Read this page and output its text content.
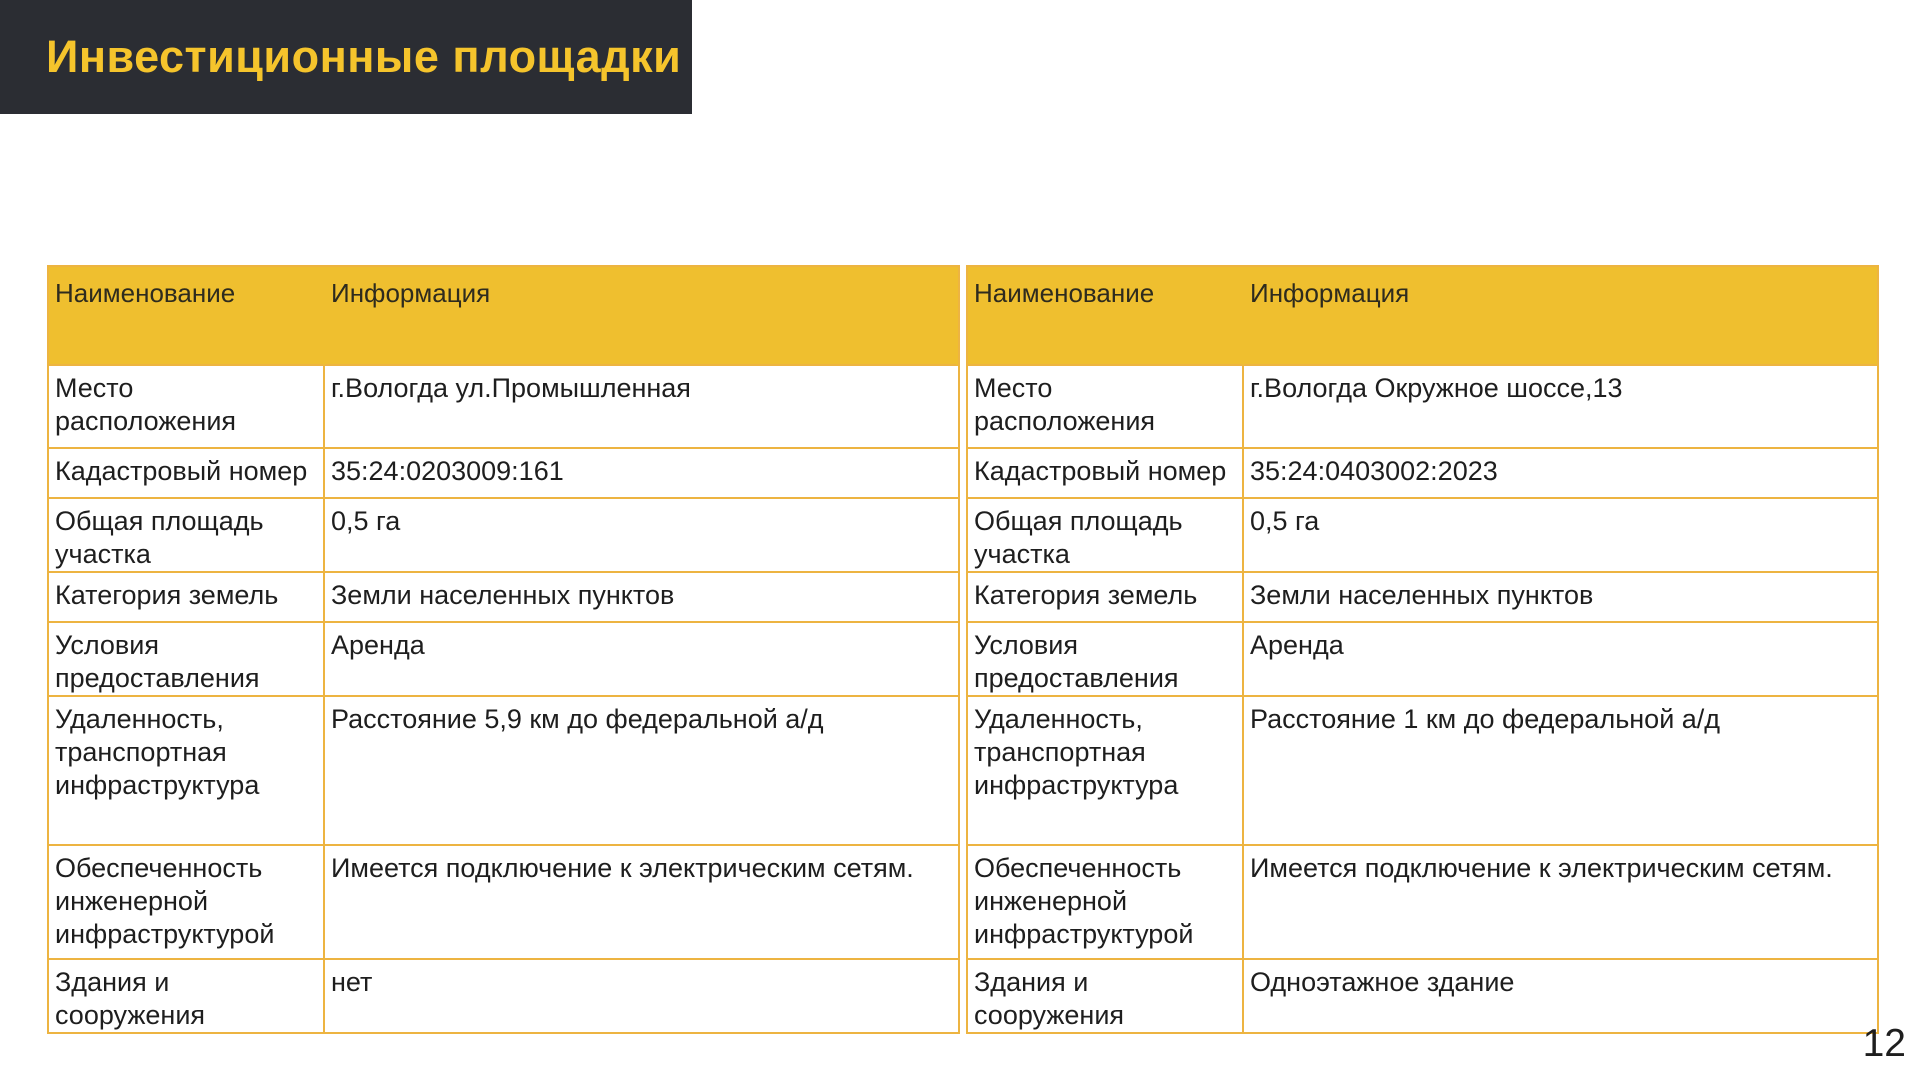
Инвестиционные площадки
Наименование	Информация
Место расположения	г.Вологда ул.Промышленная
Кадастровый номер	35:24:0203009:161
Общая площадь участка	0,5 га
Категория земель	Земли населенных пунктов
Условия предоставления	Аренда
Удаленность, транспортная инфраструктура	Расстояние 5,9 км до федеральной а/д
Обеспеченность инженерной инфраструктурой	Имеется подключение к электрическим сетям.
Здания и сооружения	нет
Наименование	Информация
Место расположения	г.Вологда Окружное шоссе,13
Кадастровый номер	35:24:0403002:2023
Общая площадь участка	0,5 га
Категория земель	Земли населенных пунктов
Условия предоставления	Аренда
Удаленность, транспортная инфраструктура	Расстояние 1 км до федеральной а/д
Обеспеченность инженерной инфраструктурой	Имеется подключение к электрическим сетям.
Здания и сооружения	Одноэтажное здание
12
